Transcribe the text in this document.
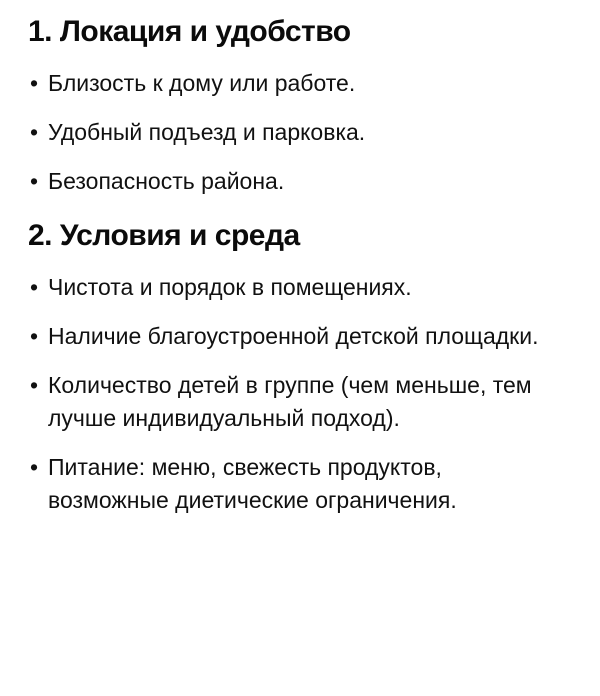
1. Локация и удобство
• Близость к дому или работе.
• Удобный подъезд и парковка.
• Безопасность района.
2. Условия и среда
• Чистота и порядок в помещениях.
• Наличие благоустроенной детской площадки.
• Количество детей в группе (чем меньше, тем лучше индивидуальный подход).
• Питание: меню, свежесть продуктов, возможные диетические ограничения.
